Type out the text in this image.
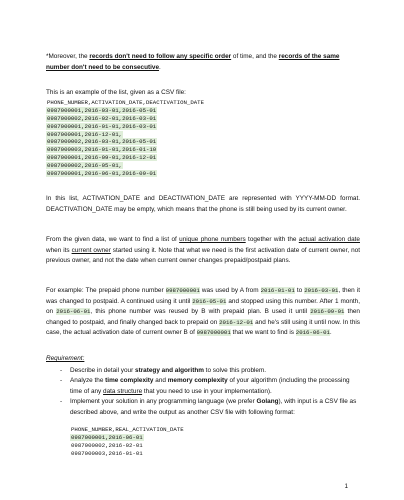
*Moreover, the records don't need to follow any specific order of time, and the records of the same number don't need to be consecutive.

This is an example of the list, given as a CSV file:

PHONE_NUMBER,ACTIVATION_DATE,DEACTIVATION_DATE
0987000001,2016-03-01,2016-05-01
0987000002,2016-02-01,2016-03-01
0987000001,2016-01-01,2016-03-01
0987000001,2016-12-01,
0987000002,2016-03-01,2016-05-01
0987000003,2016-01-01,2016-01-10
0987000001,2016-09-01,2016-12-01
0987000002,2016-05-01,
0987000001,2016-06-01,2016-09-01

In this list, ACTIVATION_DATE and DEACTIVATION_DATE are represented with YYYY-MM-DD format. DEACTIVATION_DATE may be empty, which means that the phone is still being used by its current owner.

From the given data, we want to find a list of unique phone numbers together with the actual activation date when its current owner started using it. Note that what we need is the first activation date of current owner, not previous owner, and not the date when current owner changes prepaid/postpaid plans.

For example: The prepaid phone number 0987000001 was used by A from 2016-01-01 to 2016-03-01, then it was changed to postpaid. A continued using it until 2016-05-01 and stopped using this number. After 1 month, on 2016-06-01, this phone number was reused by B with prepaid plan. B used it until 2016-09-01 then changed to postpaid, and finally changed back to prepaid on 2016-12-01 and he's still using it until now. In this case, the actual activation date of current owner B of 0987000001 that we want to find is 2016-06-01.

Requirement:
- Describe in detail your strategy and algorithm to solve this problem.
- Analyze the time complexity and memory complexity of your algorithm (including the processing time of any data structure that you need to use in your implementation).
- Implement your solution in any programming language (we prefer Golang), with input is a CSV file as described above, and write the output as another CSV file with following format:
PHONE_NUMBER,REAL_ACTIVATION_DATE
0987000001,2016-06-01
0987000002,2016-02-01
0987000003,2016-01-01
1
